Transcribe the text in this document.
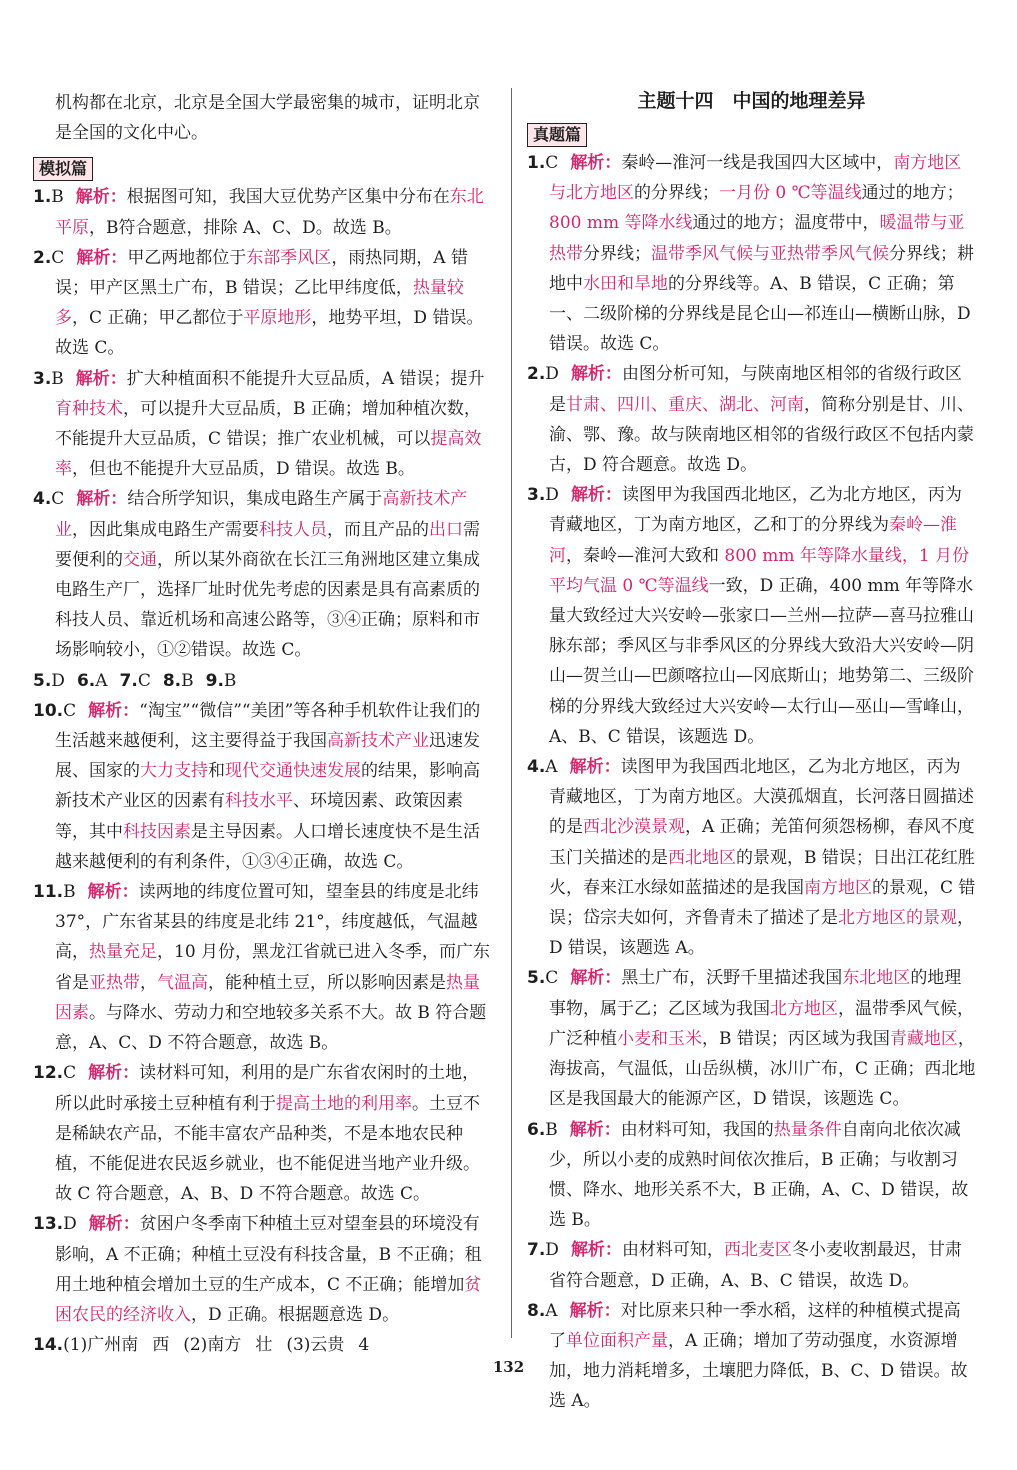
机构都在北京，北京是全国大学最密集的城市，证明北京是全国的文化中心。

模拟篇

1.B 解析：根据图可知，我国大豆优势产区集中分布在东北平原，B符合题意，排除 A、C、D。故选 B。

2.C 解析：甲乙两地都位于东部季风区，雨热同期，A 错误；甲产区黑土广布，B 错误；乙比甲纬度低，热量较多，C 正确；甲乙都位于平原地形，地势平坦，D 错误。故选 C。

3.B 解析：扩大种植面积不能提升大豆品质，A 错误；提升育种技术，可以提升大豆品质，B 正确；增加种植次数，不能提升大豆品质，C 错误；推广农业机械，可以提高效率，但也不能提升大豆品质，D 错误。故选 B。

4.C 解析：结合所学知识，集成电路生产属于高新技术产业，因此集成电路生产需要科技人员，而且产品的出口需要便利的交通，所以某外商欲在长江三角洲地区建立集成电路生产厂，选择厂址时优先考虑的因素是具有高素质的科技人员、靠近机场和高速公路等，③④正确；原料和市场影响较小，①②错误。故选 C。

5.D 6.A 7.C 8.B 9.B

10.C 解析：“淘宝”“微信”“美团”等各种手机软件让我们的生活越来越便利，这主要得益于我国高新技术产业迅速发展、国家的大力支持和现代交通快速发展的结果，影响高新技术产业区的因素有科技水平、环境因素、政策因素等，其中科技因素是主导因素。人口增长速度快不是生活越来越便利的有利条件，①③④正确，故选 C。

11.B 解析：读两地的纬度位置可知，望奎县的纬度是北纬 37°，广东省某县的纬度是北纬 21°，纬度越低，气温越高，热量充足，10 月份，黑龙江省就已进入冬季，而广东省是亚热带，气温高，能种植土豆，所以影响因素是热量因素。与降水、劳动力和空地较多关系不大。故 B 符合题意，A、C、D 不符合题意，故选 B。

12.C 解析：读材料可知，利用的是广东省农闲时的土地，所以此时承接土豆种植有利于提高土地的利用率。土豆不是稀缺农产品，不能丰富农产品种类，不是本地农民种植，不能促进农民返乡就业，也不能促进当地产业升级。故 C 符合题意，A、B、D 不符合题意。故选 C。

13.D 解析：贫困户冬季南下种植土豆对望奎县的环境没有影响，A 不正确；种植土豆没有科技含量，B 不正确；租用土地种植会增加土豆的生产成本，C 不正确；能增加贫困农民的经济收入，D 正确。根据题意选 D。

14.(1)广州南 西 (2)南方 壮 (3)云贵 4

主题十四　中国的地理差异
真题篇

1.C 解析：秦岭—淮河一线是我国四大区域中，南方地区与北方地区的分界线；一月份 0 ℃等温线通过的地方；800 mm 等降水线通过的地方；温度带中，暖温带与亚热带分界线；温带季风气候与亚热带季风气候分界线；耕地中水田和旱地的分界线等。A、B 错误，C 正确；第一、二级阶梯的分界线是昆仑山—祁连山—横断山脉，D 错误。故选 C。

2.D 解析：由图分析可知，与陕南地区相邻的省级行政区是甘肃、四川、重庆、湖北、河南，简称分别是甘、川、渝、鄂、豫。故与陕南地区相邻的省级行政区不包括内蒙古，D 符合题意。故选 D。

3.D 解析：读图甲为我国西北地区，乙为北方地区，丙为青藏地区，丁为南方地区，乙和丁的分界线为秦岭—淮河，秦岭—淮河大致和 800 mm 年等降水量线，1 月份平均气温 0 ℃等温线一致，D 正确，400 mm 年等降水量大致经过大兴安岭—张家口—兰州—拉萨—喜马拉雅山脉东部；季风区与非季风区的分界线大致沿大兴安岭—阴山—贺兰山—巴颜喀拉山—冈底斯山；地势第二、三级阶梯的分界线大致经过大兴安岭—太行山—巫山—雪峰山，A、B、C 错误，该题选 D。

4.A 解析：读图甲为我国西北地区，乙为北方地区，丙为青藏地区，丁为南方地区。大漠孤烟直，长河落日圆描述的是西北沙漠景观，A 正确；羌笛何须怨杨柳，春风不度玉门关描述的是西北地区的景观，B 错误；日出江花红胜火，春来江水绿如蓝描述的是我国南方地区的景观，C 错误；岱宗夫如何，齐鲁青未了描述了是北方地区的景观，D 错误，该题选 A。

5.C 解析：黑土广布，沃野千里描述我国东北地区的地理事物，属于乙；乙区域为我国北方地区，温带季风气候，广泛种植小麦和玉米，B 错误；丙区域为我国青藏地区，海拔高，气温低，山岳纵横，冰川广布，C 正确；西北地区是我国最大的能源产区，D 错误，该题选 C。

6.B 解析：由材料可知，我国的热量条件自南向北依次减少，所以小麦的成熟时间依次推后，B 正确；与收割习惯、降水、地形关系不大，B 正确，A、C、D 错误，故选 B。

7.D 解析：由材料可知，西北麦区冬小麦收割最迟，甘肃省符合题意，D 正确，A、B、C 错误，故选 D。

8.A 解析：对比原来只种一季水稻，这样的种植模式提高了单位面积产量，A 正确；增加了劳动强度，水资源增加，地力消耗增多，土壤肥力降低，B、C、D 错误。故选 A。

132
